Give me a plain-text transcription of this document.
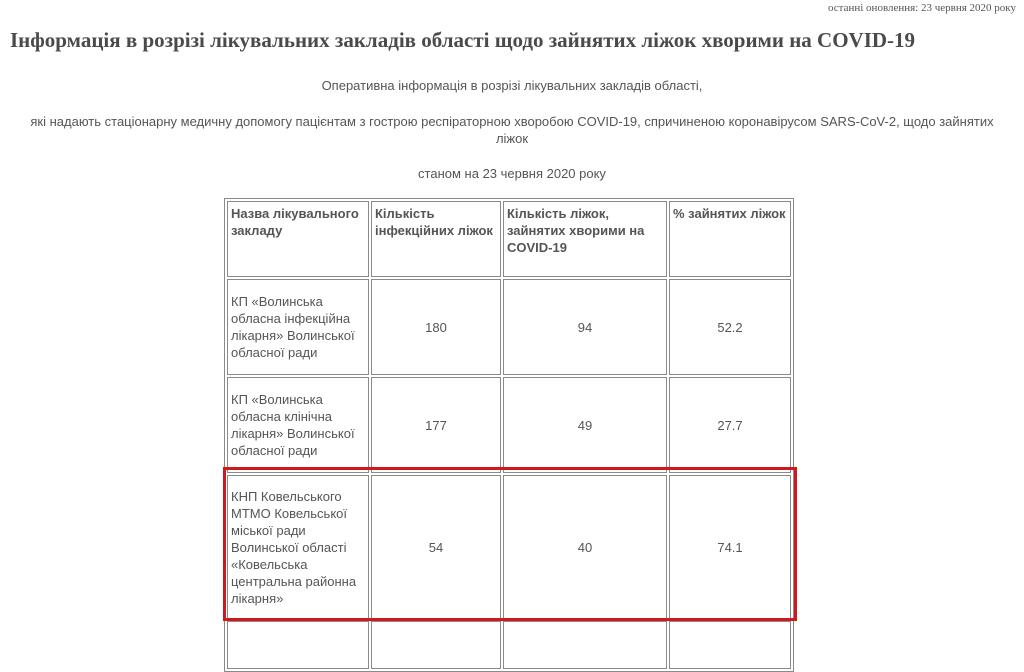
останні оновлення: 23 червня 2020 року
Інформація в розрізі лікувальних закладів області щодо зайнятих ліжок хворими на COVID-19
Оперативна інформація в розрізі лікувальних закладів області,
які надають стаціонарну медичну допомогу пацієнтам з гострою респіраторною хворобою COVID-19, спричиненою коронавірусом SARS-CoV-2, щодо зайнятих ліжок
станом на 23 червня 2020 року
Назва лікувального закладу	Кількість інфекційних ліжок	Кількість ліжок, зайнятих хворими на COVID-19	% зайнятих ліжок
КП «Волинська обласна інфекційна лікарня» Волинської обласної ради	180	94	52.2
КП «Волинська обласна клінічна лікарня» Волинської обласної ради	177	49	27.7
КНП Ковельського МТМО Ковельської міської ради Волинської області «Ковельська центральна районна лікарня»	54	40	74.1
